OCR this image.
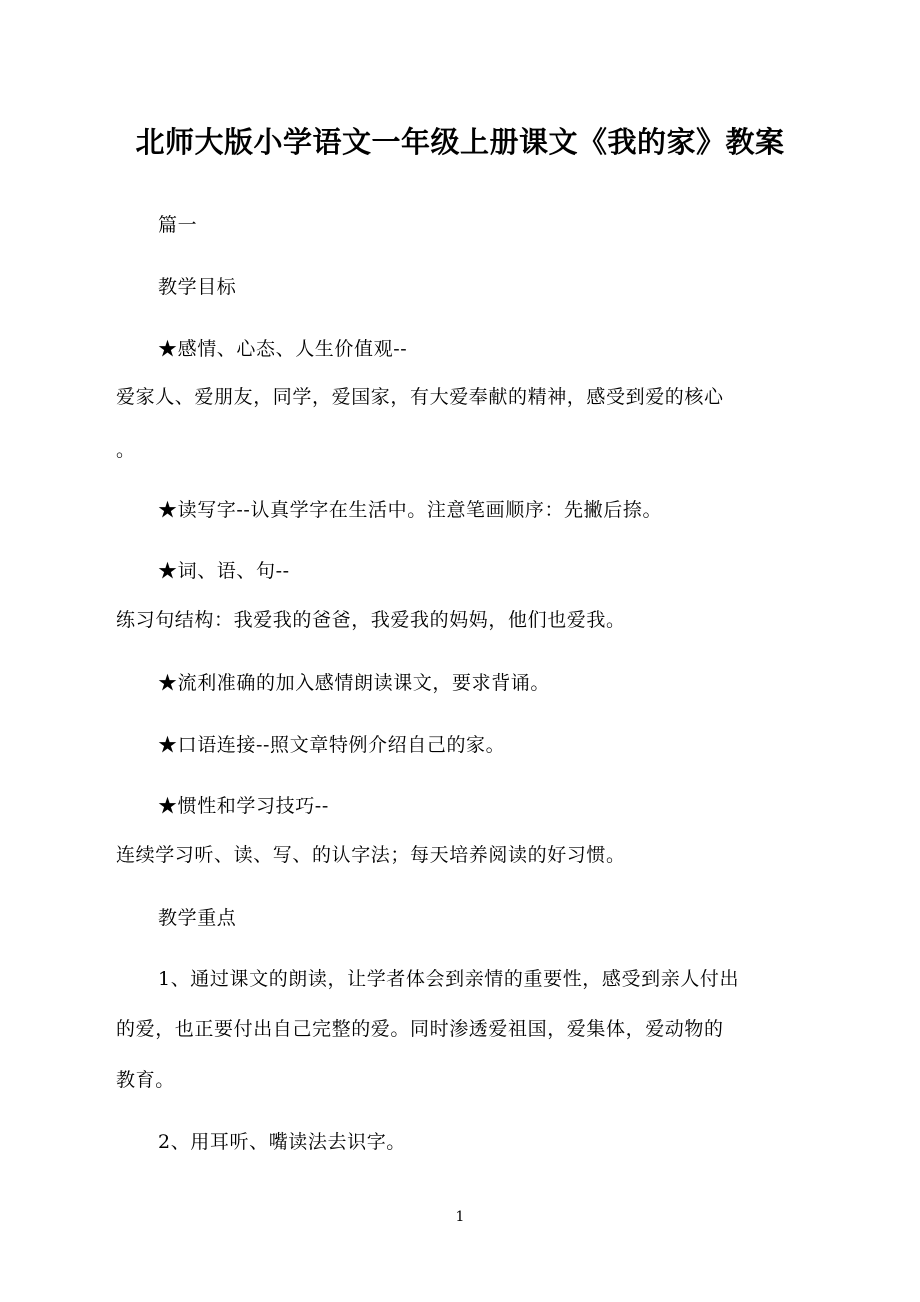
北师大版小学语文一年级上册课文《我的家》教案
篇一
教学目标
★感情、心态、人生价值观--
爱家人、爱朋友，同学，爱国家，有大爱奉献的精神，感受到爱的核心
。
★读写字--认真学字在生活中。注意笔画顺序：先撇后捺。
★词、语、句--
练习句结构：我爱我的爸爸，我爱我的妈妈，他们也爱我。
★流利准确的加入感情朗读课文，要求背诵。
★口语连接--照文章特例介绍自己的家。
★惯性和学习技巧--
连续学习听、读、写、的认字法；每天培养阅读的好习惯。
教学重点
1、通过课文的朗读，让学者体会到亲情的重要性，感受到亲人付出
的爱，也正要付出自己完整的爱。同时渗透爱祖国，爱集体，爱动物的
教育。
2、用耳听、嘴读法去识字。
1
